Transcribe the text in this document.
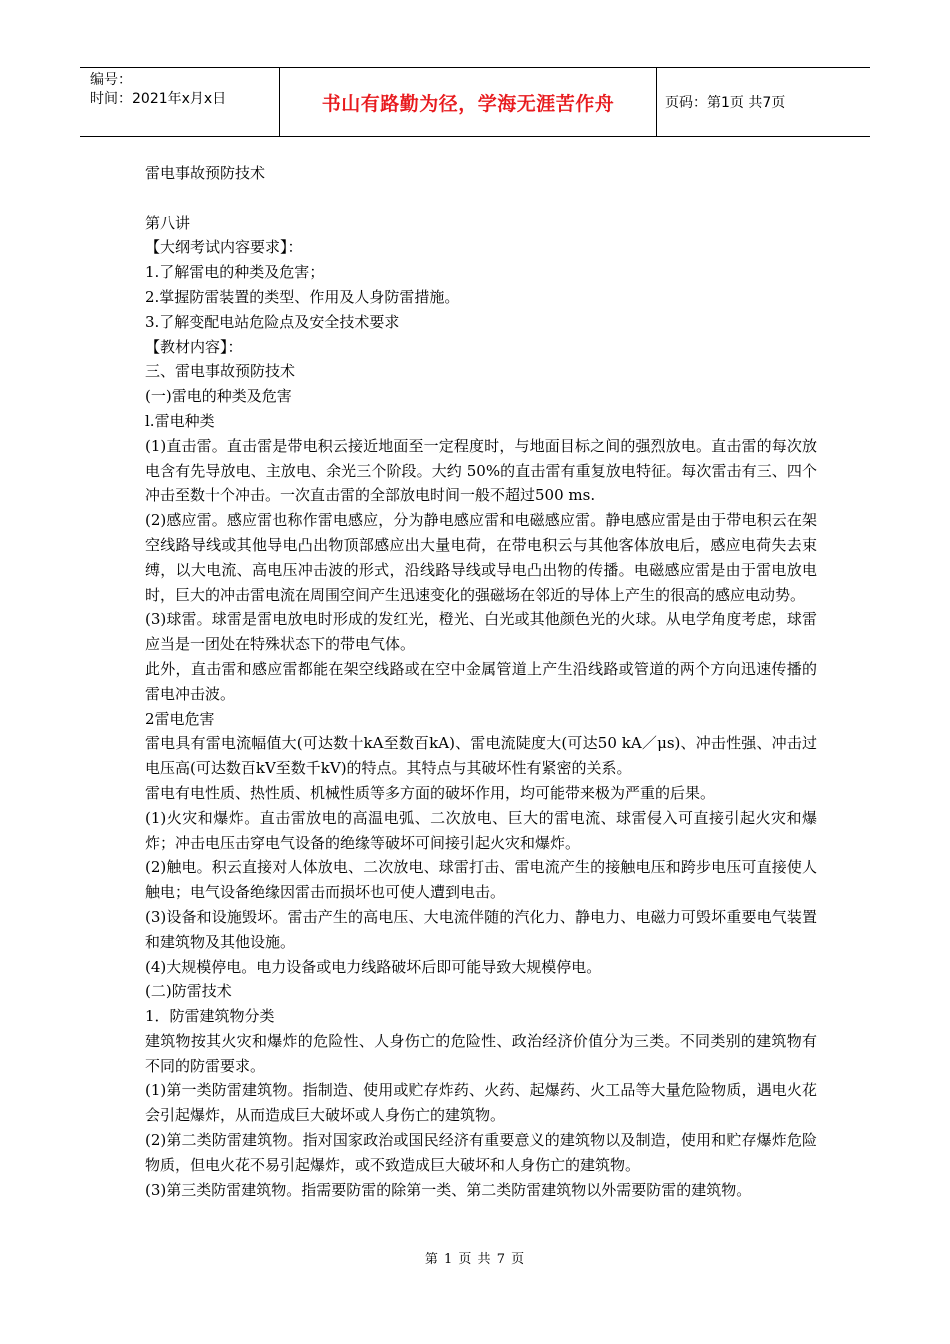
编号：
时间：2021年x月x日	书山有路勤为径，学海无涯苦作舟	页码：第1页 共7页

雷电事故预防技术

第八讲

【大纲考试内容要求】：

1.了解雷电的种类及危害；

2.掌握防雷装置的类型、作用及人身防雷措施。

3.了解变配电站危险点及安全技术要求

【教材内容】：

三、雷电事故预防技术

(一)雷电的种类及危害

l.雷电种类

(1)直击雷。直击雷是带电积云接近地面至一定程度时，与地面目标之间的强烈放电。直击雷的每次放电含有先导放电、主放电、余光三个阶段。大约 50%的直击雷有重复放电特征。每次雷击有三、四个冲击至数十个冲击。一次直击雷的全部放电时间一般不超过500 ms.

(2)感应雷。感应雷也称作雷电感应，分为静电感应雷和电磁感应雷。静电感应雷是由于带电积云在架空线路导线或其他导电凸出物顶部感应出大量电荷，在带电积云与其他客体放电后，感应电荷失去束缚，以大电流、高电压冲击波的形式，沿线路导线或导电凸出物的传播。电磁感应雷是由于雷电放电时，巨大的冲击雷电流在周围空间产生迅速变化的强磁场在邻近的导体上产生的很高的感应电动势。

(3)球雷。球雷是雷电放电时形成的发红光，橙光、白光或其他颜色光的火球。从电学角度考虑，球雷应当是一团处在特殊状态下的带电气体。

此外，直击雷和感应雷都能在架空线路或在空中金属管道上产生沿线路或管道的两个方向迅速传播的雷电冲击波。

2雷电危害

雷电具有雷电流幅值大(可达数十kA至数百kA)、雷电流陡度大(可达50 kA／μs)、冲击性强、冲击过电压高(可达数百kV至数千kV)的特点。其特点与其破坏性有紧密的关系。

雷电有电性质、热性质、机械性质等多方面的破坏作用，均可能带来极为严重的后果。

(1)火灾和爆炸。直击雷放电的高温电弧、二次放电、巨大的雷电流、球雷侵入可直接引起火灾和爆炸；冲击电压击穿电气设备的绝缘等破坏可间接引起火灾和爆炸。

(2)触电。积云直接对人体放电、二次放电、球雷打击、雷电流产生的接触电压和跨步电压可直接使人触电；电气设备绝缘因雷击而损坏也可使人遭到电击。

(3)设备和设施毁坏。雷击产生的高电压、大电流伴随的汽化力、静电力、电磁力可毁坏重要电气装置和建筑物及其他设施。

(4)大规模停电。电力设备或电力线路破坏后即可能导致大规模停电。

(二)防雷技术

1．防雷建筑物分类

建筑物按其火灾和爆炸的危险性、人身伤亡的危险性、政治经济价值分为三类。不同类别的建筑物有不同的防雷要求。

(1)第一类防雷建筑物。指制造、使用或贮存炸药、火药、起爆药、火工品等大量危险物质，遇电火花会引起爆炸，从而造成巨大破坏或人身伤亡的建筑物。

(2)第二类防雷建筑物。指对国家政治或国民经济有重要意义的建筑物以及制造，使用和贮存爆炸危险物质，但电火花不易引起爆炸，或不致造成巨大破坏和人身伤亡的建筑物。

(3)第三类防雷建筑物。指需要防雷的除第一类、第二类防雷建筑物以外需要防雷的建筑物。

第 1 页 共 7 页
